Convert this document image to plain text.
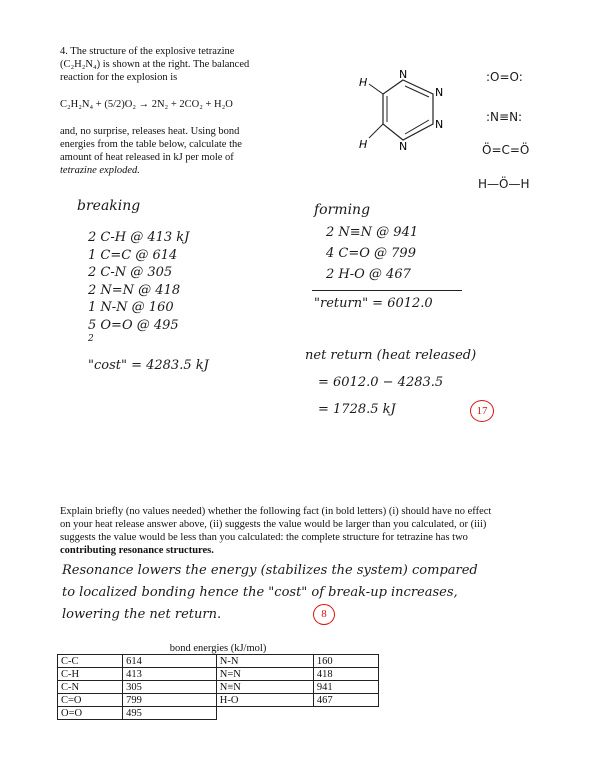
4. The structure of the explosive tetrazine
(C₂H₂N₄) is shown at the right. The balanced
reaction for the explosion is
C₂H₂N₄ + (5/2)O₂ → 2N₂ + 2CO₂ + H₂O
and, no surprise, releases heat. Using bond
energies from the table below, calculate the
amount of heat released in kJ per mole of
tetrazine exploded.
H
N
N
N
N
H
:O=O:
:N≡N:
Ö=C=Ö
H—Ö—H
breaking
2 C-H @ 413 kJ
1 C=C @ 614
2 C-N @ 305
2 N=N @ 418
1 N-N @ 160
5 O=O @ 495
2
"cost" = 4283.5 kJ
forming
2 N≡N @ 941
4 C=O @ 799
2 H-O @ 467
"return" = 6012.0
net return (heat released)
= 6012.0 − 4283.5
= 1728.5 kJ	17
Explain briefly (no values needed) whether the following fact (in bold letters) (i) should have no effect
on your heat release answer above, (ii) suggests the value would be larger than you calculated, or (iii)
suggests the value would be less than you calculated: the complete structure for tetrazine has two
contributing resonance structures.
Resonance lowers the energy (stabilizes the system) compared
to localized bonding hence the "cost" of break-up increases,
lowering the net return.	8
bond energies (kJ/mol)			
C-C	614	N-N	160
C-H	413	N=N	418
C-N	305	N≡N	941
C=O	799	H-O	467
O=O	495		
